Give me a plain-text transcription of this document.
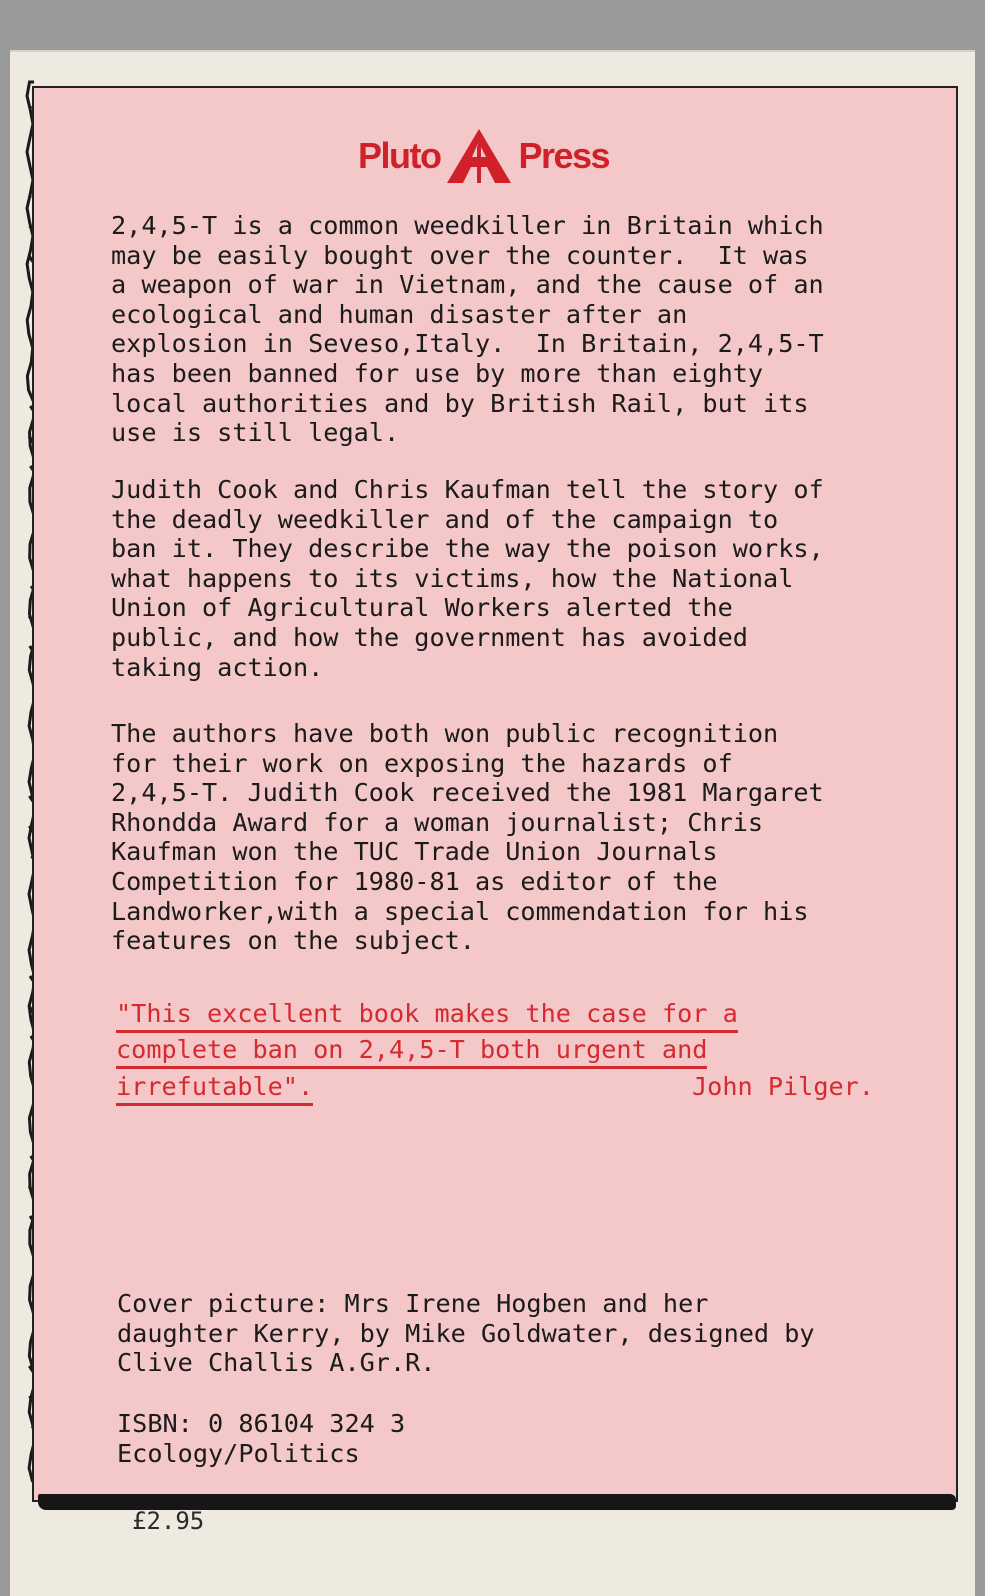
Pluto Press

2,4,5-T is a common weedkiller in Britain which
may be easily bought over the counter.  It was
a weapon of war in Vietnam, and the cause of an
ecological and human disaster after an
explosion in Seveso,Italy.  In Britain, 2,4,5-T
has been banned for use by more than eighty
local authorities and by British Rail, but its
use is still legal.

Judith Cook and Chris Kaufman tell the story of
the deadly weedkiller and of the campaign to
ban it. They describe the way the poison works,
what happens to its victims, how the National
Union of Agricultural Workers alerted the
public, and how the government has avoided
taking action.

The authors have both won public recognition
for their work on exposing the hazards of
2,4,5-T. Judith Cook received the 1981 Margaret
Rhondda Award for a woman journalist; Chris
Kaufman won the TUC Trade Union Journals
Competition for 1980-81 as editor of the
Landworker,with a special commendation for his
features on the subject.

"This excellent book makes the case for a
complete ban on 2,4,5-T both urgent and
irrefutable".	John Pilger.

Cover picture: Mrs Irene Hogben and her
daughter Kerry, by Mike Goldwater, designed by
Clive Challis A.Gr.R.

ISBN: 0 86104 324 3

Ecology/Politics

£2.95
